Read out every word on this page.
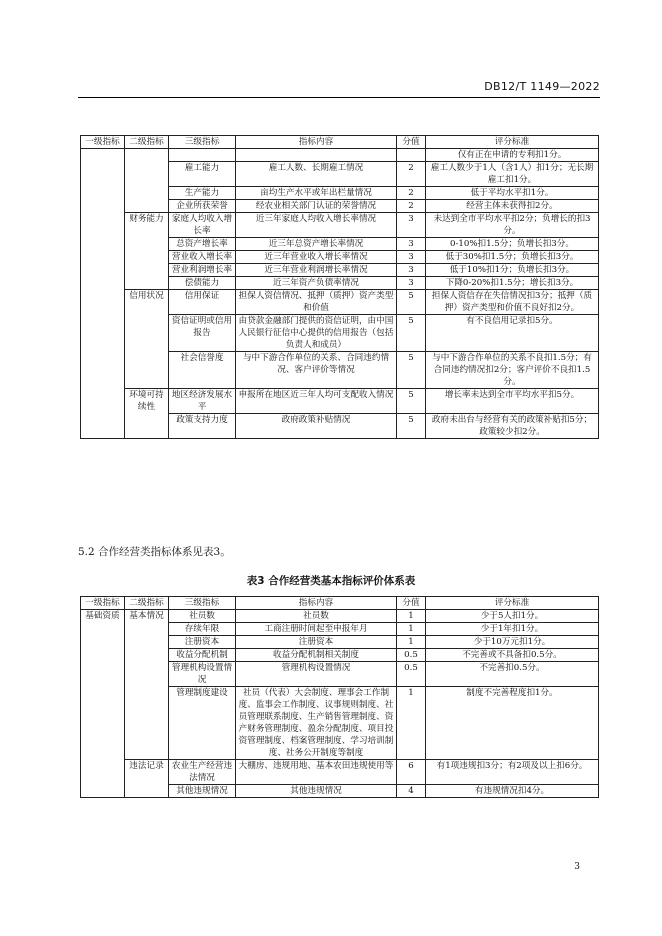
DB12/T 1149—2022
一级指标	二级指标	三级指标	指标内容	分值	评分标准
					仅有正在申请的专利扣1分。
		雇工能力	雇工人数、长期雇工情况	2	雇工人数少于1人（含1人）扣1分；无长期雇工扣1分。
		生产能力	亩均生产水平或年出栏量情况	2	低于平均水平扣1分。
		企业所获荣誉	经农业相关部门认证的荣誉情况	2	经营主体未获得扣2分。
	财务能力	家庭人均收入增长率	近三年家庭人均收入增长率情况	3	未达到全市平均水平扣2分；负增长的扣3分。
		总资产增长率	近三年总资产增长率情况	3	0-10%扣1.5分；负增长扣3分。
		营业收入增长率	近三年营业收入增长率情况	3	低于30%扣1.5分；负增长扣3分。
		营业利润增长率	近三年营业利润增长率情况	3	低于10%扣1分；负增长扣3分。
		偿债能力	近三年资产负债率情况	3	下降0-20%扣1.5分；增长扣3分。
	信用状况	信用保证	担保人资信情况、抵押（质押）资产类型和价值	5	担保人资信存在失信情况扣3分；抵押（质押）资产类型和价值不良好扣2分。
		资信证明或信用报告	由贷款金融部门提供的资信证明，由中国人民银行征信中心提供的信用报告（包括负责人和成员）	5	有不良信用记录扣5分。
		社会信誉度	与中下游合作单位的关系、合同违约情况、客户评价等情况	5	与中下游合作单位的关系不良扣1.5分；有合同违约情况扣2分；客户评价不良扣1.5分。
	环境可持续性	地区经济发展水平	申报所在地区近三年人均可支配收入情况	5	增长率未达到全市平均水平扣5分。
		政策支持力度	政府政策补贴情况	5	政府未出台与经营有关的政策补贴扣5分；政策较少扣2分。
5.2 合作经营类指标体系见表3。
表3 合作经营类基本指标评价体系表
一级指标	二级指标	三级指标	指标内容	分值	评分标准
基础资质	基本情况	社员数	社员数	1	少于5人扣1分。
		存续年限	工商注册时间起至申报年月	1	少于1年扣1分。
		注册资本	注册资本	1	少于10万元扣1分。
		收益分配机制	收益分配机制相关制度	0.5	不完善或不具备扣0.5分。
		管理机构设置情况	管理机构设置情况	0.5	不完善扣0.5分。
		管理制度建设	社员（代表）大会制度、理事会工作制度、监事会工作制度、议事规则制度、社员管理联系制度、生产销售管理制度、资产财务管理制度、盈余分配制度、项目投资管理制度、档案管理制度、学习培训制度、社务公开制度等制度	1	制度不完善程度扣1分。
	违法记录	农业生产经营违法情况	大棚房、违规用地、基本农田违规使用等	6	有1项违规扣3分；有2项及以上扣6分。
		其他违规情况	其他违规情况	4	有违规情况扣4分。
3
